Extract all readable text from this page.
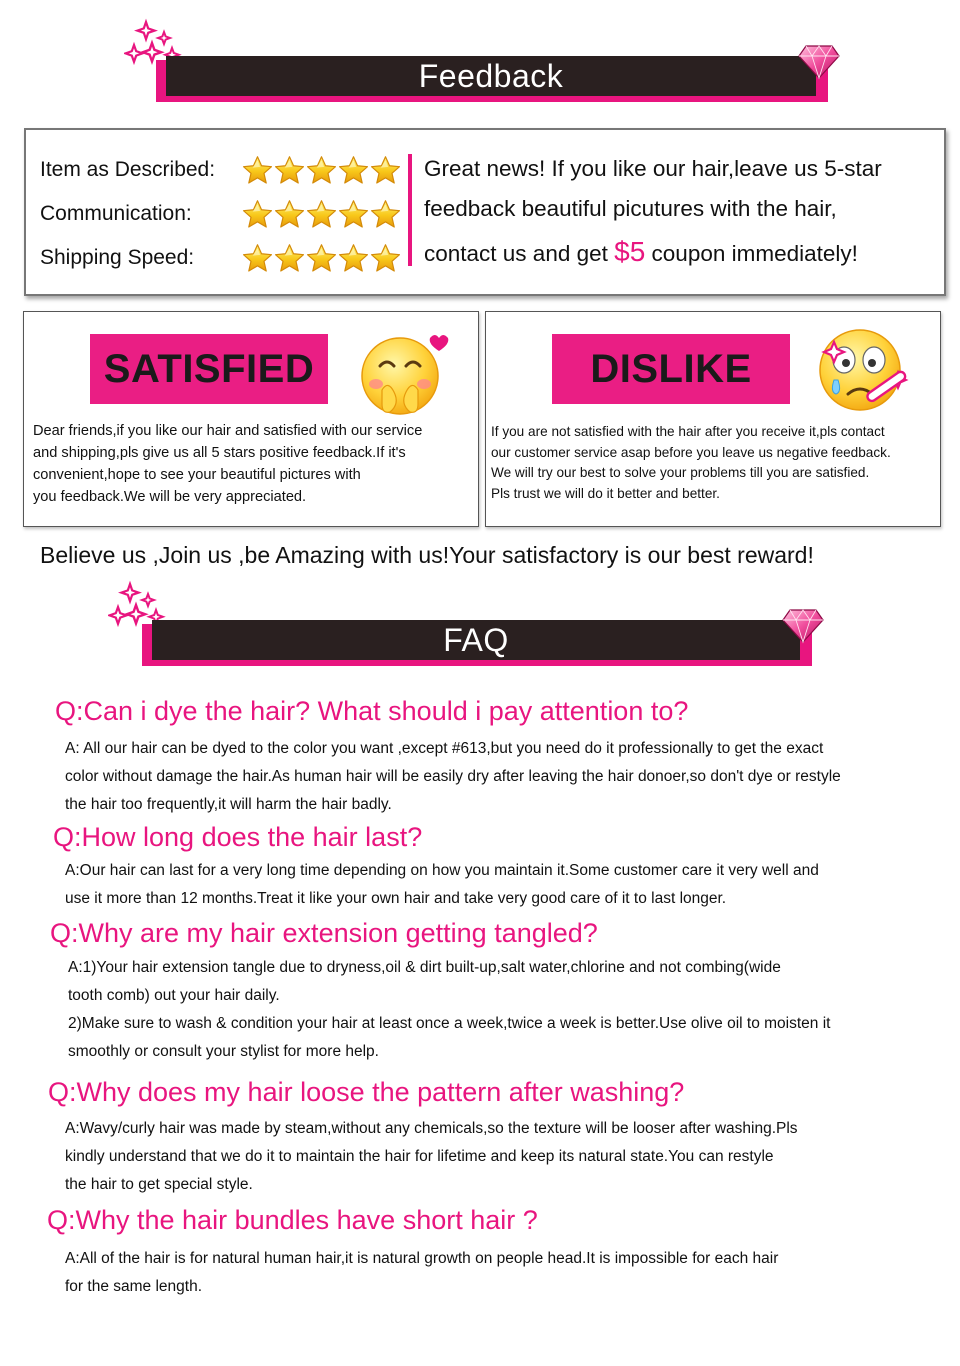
Feedback
Item as Described:
Communication:
Shipping Speed:
Great news! If you like our hair,leave us 5-star
feedback beautiful picutures with the hair,
contact us and get $5 coupon immediately!
SATISFIED
Dear friends,if you like our hair and satisfied with our service
and shipping,pls give us all 5 stars positive feedback.If it's
convenient,hope to see your beautiful pictures with
you feedback.We will be very appreciated.
DISLIKE
If you are not satisfied with the hair after you receive it,pls contact
our customer service asap before you leave us negative feedback.
We will try our best to solve your problems till you are satisfied.
Pls trust we will do it better and better.
Believe us ,Join us ,be Amazing with us!Your satisfactory is our best reward!
FAQ
Q:Can i dye the hair? What should i pay attention to?
A: All our hair can be dyed to the color you want ,except #613,but you need do it professionally to get the exact
color without damage the hair.As human hair will be easily dry after leaving the hair donoer,so don't dye or restyle
the hair too frequently,it will harm the hair badly.
Q:How long does the hair last?
A:Our hair can last for a very long time depending on how you maintain it.Some customer care it very well and
use it more than 12 months.Treat it like your own hair and take very good care of it to last longer.
Q:Why are my hair extension getting tangled?
A:1)Your hair extension tangle due to dryness,oil & dirt built-up,salt water,chlorine and not combing(wide
tooth comb) out your hair daily.
2)Make sure to wash & condition your hair at least once a week,twice a week is better.Use olive oil to moisten it
smoothly or consult your stylist for more help.
Q:Why does my hair loose the pattern after washing?
A:Wavy/curly hair was made by steam,without any chemicals,so the texture will be looser after washing.Pls
kindly understand that we do it to maintain the hair for lifetime and keep its natural state.You can restyle
the hair to get special style.
Q:Why the hair bundles have short hair ?
A:All of the hair is for natural human hair,it is natural growth on people head.It is impossible for each hair
for the same length.
